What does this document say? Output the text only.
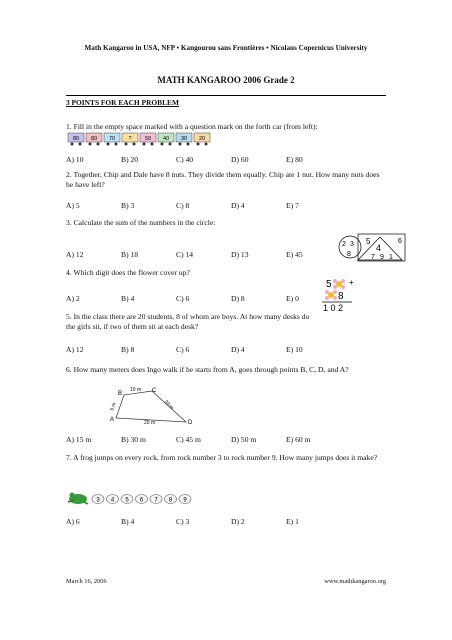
Math Kangaroo in USA, NFP • Kangourou sans Frontières • Nicolaus Copernicus University
MATH KANGAROO 2006 Grade 2
3 POINTS FOR EACH PROBLEM
1. Fill in the empty space marked with a question mark on the forth car (from left):
80 80 70 ? 50 40 30 20
A) 10	B) 20	C) 40	D) 60	E) 80
2. Together, Chip and Dale have 8 nuts. They divide them equally. Chip ate 1 nut. How many nuts does he have left?
A) 5	B) 3	C) 8	D) 4	E) 7
3. Calculate the sum of the numbers in the circle:
2 3
8
5
4
7 9 1
6
A) 12	B) 18	C) 14	D) 13	E) 45
4. Which digit does the flower cover up?
5 +
8
1 0 2
A) 2	B) 4	C) 6	D) 8	E) 0
5. In the class there are 20 students, 8 of whom are boys. At how many desks do the girls sit, if two of them sit at each desk?
A) 12	B) 8	C) 6	D) 4	E) 10
6. How many meters does Ingo walk if he starts from A, goes through points B, C, D, and A?
A
B	C
D
5 m
10 m
20 m
25 m
A) 15 m	B) 30 m	C) 45 m	D) 50 m	E) 60 m
7. A frog jumps on every rock, from rock number 3 to rock number 9. How many jumps does it make?
3 4 5 6 7 8 9
A) 6	B) 4	C) 3	D) 2	E) 1
March 16, 2006	www.mathkangaroo.org
